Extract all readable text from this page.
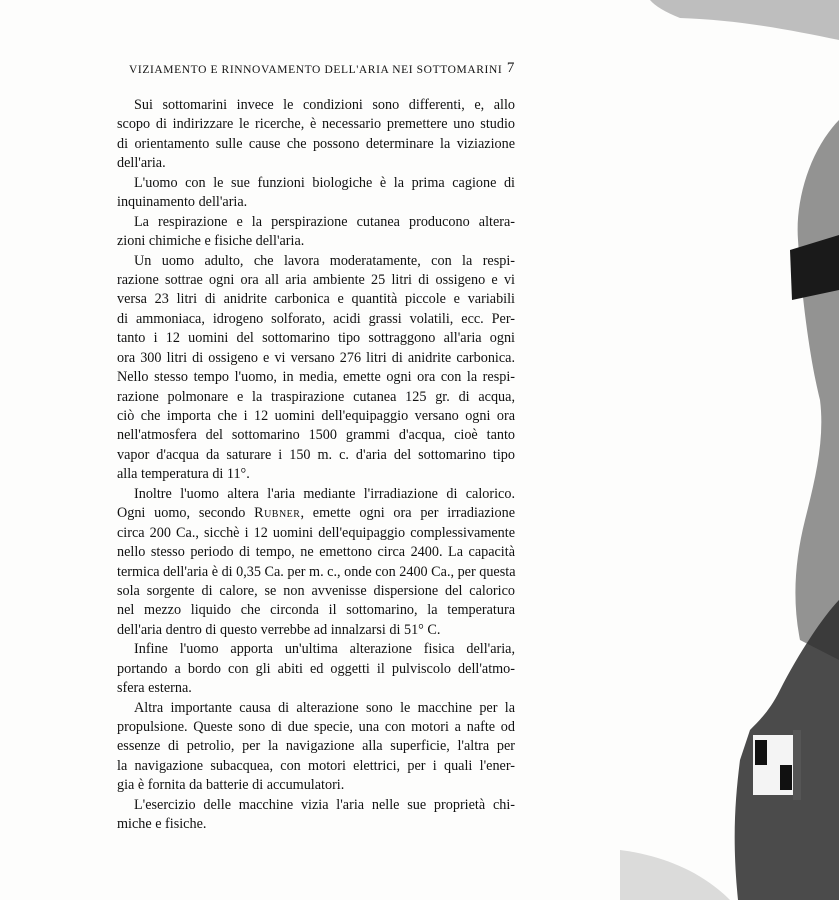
VIZIAMENTO E RINNOVAMENTO DELL'ARIA NEI SOTTOMARINI 7
Sui sottomarini invece le condizioni sono differenti, e, allo
scopo di indirizzare le ricerche, è necessario premettere uno studio
di orientamento sulle cause che possono determinare la viziazione
dell'aria.
L'uomo con le sue funzioni biologiche è la prima cagione di
inquinamento dell'aria.
La respirazione e la perspirazione cutanea producono altera-
zioni chimiche e fisiche dell'aria.
Un uomo adulto, che lavora moderatamente, con la respi-
razione sottrae ogni ora all aria ambiente 25 litri di ossigeno e vi
versa 23 litri di anidrite carbonica e quantità piccole e variabili
di ammoniaca, idrogeno solforato, acidi grassi volatili, ecc. Per-
tanto i 12 uomini del sottomarino tipo sottraggono all'aria ogni
ora 300 litri di ossigeno e vi versano 276 litri di anidrite carbonica.
Nello stesso tempo l'uomo, in media, emette ogni ora con la respi-
razione polmonare e la traspirazione cutanea 125 gr. di acqua,
ciò che importa che i 12 uomini dell'equipaggio versano ogni ora
nell'atmosfera del sottomarino 1500 grammi d'acqua, cioè tanto
vapor d'acqua da saturare i 150 m. c. d'aria del sottomarino tipo
alla temperatura di 11°.
Inoltre l'uomo altera l'aria mediante l'irradiazione di calorico.
Ogni uomo, secondo Rubner, emette ogni ora per irradiazione
circa 200 Ca., sicchè i 12 uomini dell'equipaggio complessivamente
nello stesso periodo di tempo, ne emettono circa 2400. La capacità
termica dell'aria è di 0,35 Ca. per m. c., onde con 2400 Ca., per questa
sola sorgente di calore, se non avvenisse dispersione del calorico
nel mezzo liquido che circonda il sottomarino, la temperatura
dell'aria dentro di questo verrebbe ad innalzarsi di 51° C.
Infine l'uomo apporta un'ultima alterazione fisica dell'aria,
portando a bordo con gli abiti ed oggetti il pulviscolo dell'atmo-
sfera esterna.
Altra importante causa di alterazione sono le macchine per la
propulsione. Queste sono di due specie, una con motori a nafte od
essenze di petrolio, per la navigazione alla superficie, l'altra per
la navigazione subacquea, con motori elettrici, per i quali l'ener-
gia è fornita da batterie di accumulatori.
L'esercizio delle macchine vizia l'aria nelle sue proprietà chi-
miche e fisiche.
